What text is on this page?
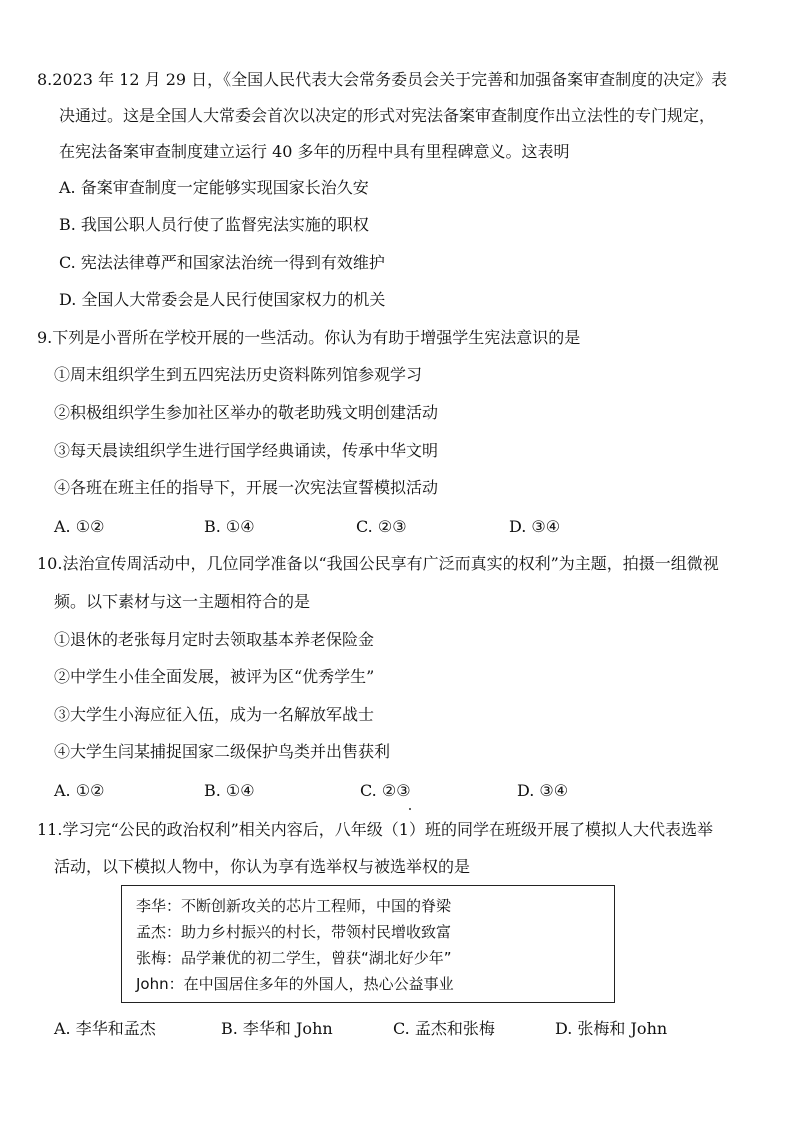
8.2023 年 12 月 29 日，《全国人民代表大会常务委员会关于完善和加强备案审查制度的决定》表
决通过。这是全国人大常委会首次以决定的形式对宪法备案审查制度作出立法性的专门规定，
在宪法备案审查制度建立运行 40 多年的历程中具有里程碑意义。这表明
A. 备案审查制度一定能够实现国家长治久安
B. 我国公职人员行使了监督宪法实施的职权
C. 宪法法律尊严和国家法治统一得到有效维护
D. 全国人大常委会是人民行使国家权力的机关
9.下列是小晋所在学校开展的一些活动。你认为有助于增强学生宪法意识的是
①周末组织学生到五四宪法历史资料陈列馆参观学习
②积极组织学生参加社区举办的敬老助残文明创建活动
③每天晨读组织学生进行国学经典诵读，传承中华文明
④各班在班主任的指导下，开展一次宪法宣誓模拟活动
A. ①②	B. ①④	C. ②③	D. ③④
10.法治宣传周活动中，几位同学准备以“我国公民享有广泛而真实的权利”为主题，拍摄一组微视
频。以下素材与这一主题相符合的是
①退休的老张每月定时去领取基本养老保险金
②中学生小佳全面发展，被评为区“优秀学生”
③大学生小海应征入伍，成为一名解放军战士
④大学生闫某捕捉国家二级保护鸟类并出售获利
A. ①②	B. ①④	C. ②③	D. ③④
11.学习完“公民的政治权利”相关内容后，八年级（1）班的同学在班级开展了模拟人大代表选举
活动，以下模拟人物中，你认为享有选举权与被选举权的是
李华：不断创新攻关的芯片工程师，中国的脊梁
孟杰：助力乡村振兴的村长，带领村民增收致富
张梅：品学兼优的初二学生，曾获“湖北好少年”
John：在中国居住多年的外国人，热心公益事业
A. 李华和孟杰	B. 李华和 John	C. 孟杰和张梅	D. 张梅和 John
